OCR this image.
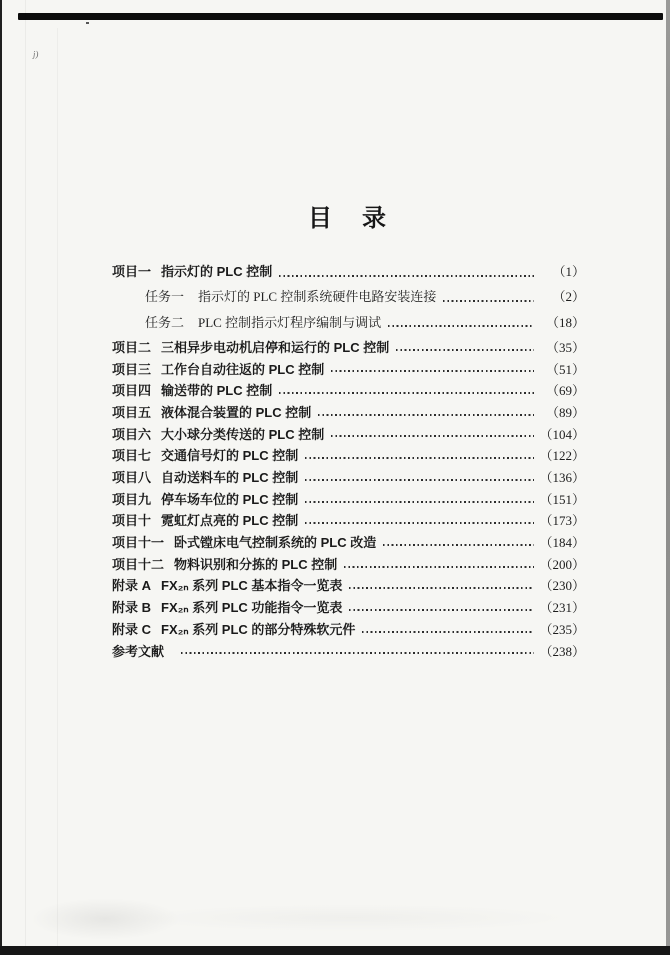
j)
目　录
项目一 指示灯的 PLC 控制	（1）
任务一 指示灯的 PLC 控制系统硬件电路安装连接	（2）
任务二 PLC 控制指示灯程序编制与调试	（18）
项目二 三相异步电动机启停和运行的 PLC 控制	（35）
项目三 工作台自动往返的 PLC 控制	（51）
项目四 输送带的 PLC 控制	（69）
项目五 液体混合装置的 PLC 控制	（89）
项目六 大小球分类传送的 PLC 控制	（104）
项目七 交通信号灯的 PLC 控制	（122）
项目八 自动送料车的 PLC 控制	（136）
项目九 停车场车位的 PLC 控制	（151）
项目十 霓虹灯点亮的 PLC 控制	（173）
项目十一 卧式镗床电气控制系统的 PLC 改造	（184）
项目十二 物料识别和分拣的 PLC 控制	（200）
附录 A FX₂ₙ 系列 PLC 基本指令一览表	（230）
附录 B FX₂ₙ 系列 PLC 功能指令一览表	（231）
附录 C FX₂ₙ 系列 PLC 的部分特殊软元件	（235）
参考文献	（238）
